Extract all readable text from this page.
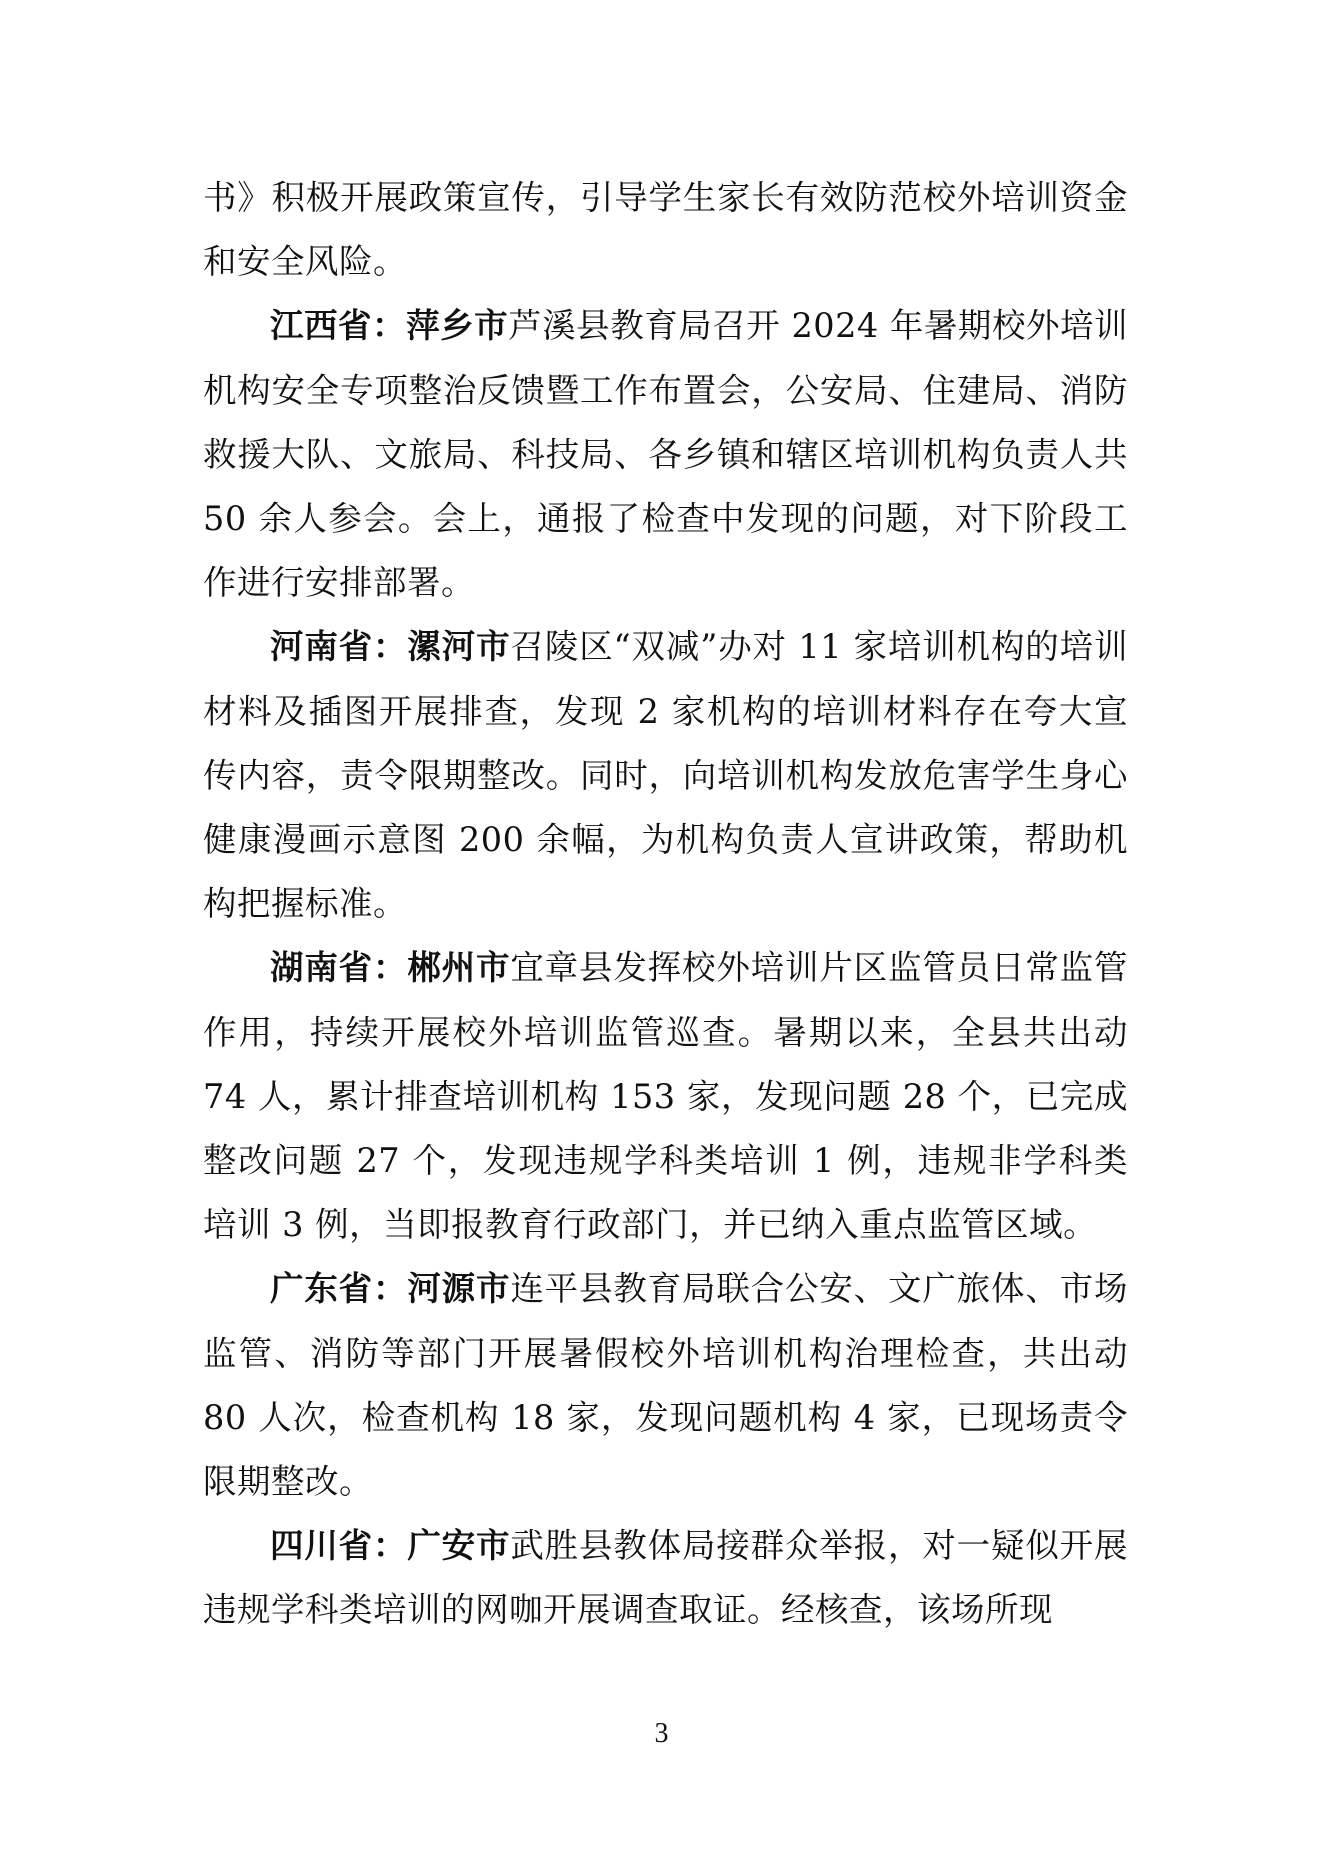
书》积极开展政策宣传，引导学生家长有效防范校外培训资金和安全风险。

江西省：萍乡市芦溪县教育局召开 2024 年暑期校外培训机构安全专项整治反馈暨工作布置会，公安局、住建局、消防救援大队、文旅局、科技局、各乡镇和辖区培训机构负责人共 50 余人参会。会上，通报了检查中发现的问题，对下阶段工作进行安排部署。

河南省：漯河市召陵区“双减”办对 11 家培训机构的培训材料及插图开展排查，发现 2 家机构的培训材料存在夸大宣传内容，责令限期整改。同时，向培训机构发放危害学生身心健康漫画示意图 200 余幅，为机构负责人宣讲政策，帮助机构把握标准。

湖南省：郴州市宜章县发挥校外培训片区监管员日常监管作用，持续开展校外培训监管巡查。暑期以来，全县共出动 74 人，累计排查培训机构 153 家，发现问题 28 个，已完成整改问题 27 个，发现违规学科类培训 1 例，违规非学科类培训 3 例，当即报教育行政部门，并已纳入重点监管区域。

广东省：河源市连平县教育局联合公安、文广旅体、市场监管、消防等部门开展暑假校外培训机构治理检查，共出动 80 人次，检查机构 18 家，发现问题机构 4 家，已现场责令限期整改。

四川省：广安市武胜县教体局接群众举报，对一疑似开展违规学科类培训的网咖开展调查取证。经核查，该场所现

3
